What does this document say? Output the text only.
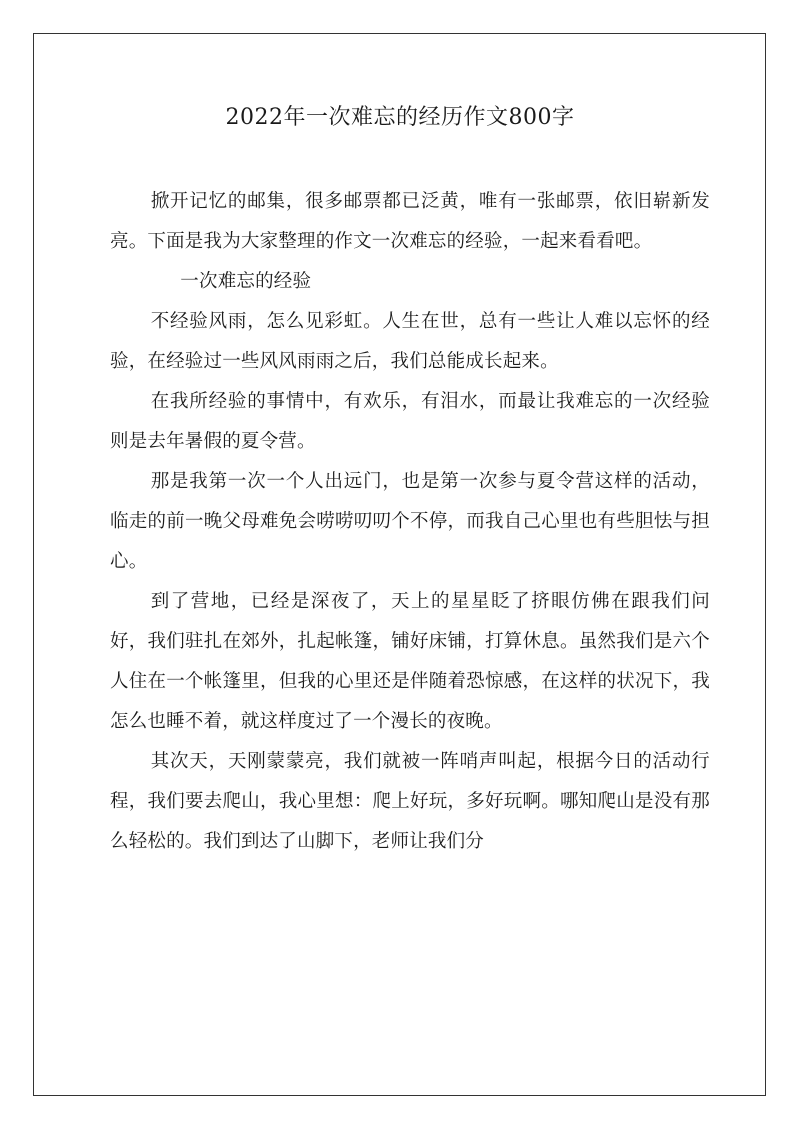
2022年一次难忘的经历作文800字

掀开记忆的邮集，很多邮票都已泛黄，唯有一张邮票，依旧崭新发亮。下面是我为大家整理的作文一次难忘的经验，一起来看看吧。

一次难忘的经验

不经验风雨，怎么见彩虹。人生在世，总有一些让人难以忘怀的经验，在经验过一些风风雨雨之后，我们总能成长起来。

在我所经验的事情中，有欢乐，有泪水，而最让我难忘的一次经验则是去年暑假的夏令营。

那是我第一次一个人出远门，也是第一次参与夏令营这样的活动，临走的前一晚父母难免会唠唠叨叨个不停，而我自己心里也有些胆怯与担心。

到了营地，已经是深夜了，天上的星星眨了挤眼仿佛在跟我们问好，我们驻扎在郊外，扎起帐篷，铺好床铺，打算休息。虽然我们是六个人住在一个帐篷里，但我的心里还是伴随着恐惊感，在这样的状况下，我怎么也睡不着，就这样度过了一个漫长的夜晚。

其次天，天刚蒙蒙亮，我们就被一阵哨声叫起，根据今日的活动行程，我们要去爬山，我心里想：爬上好玩，多好玩啊。哪知爬山是没有那么轻松的。我们到达了山脚下，老师让我们分
